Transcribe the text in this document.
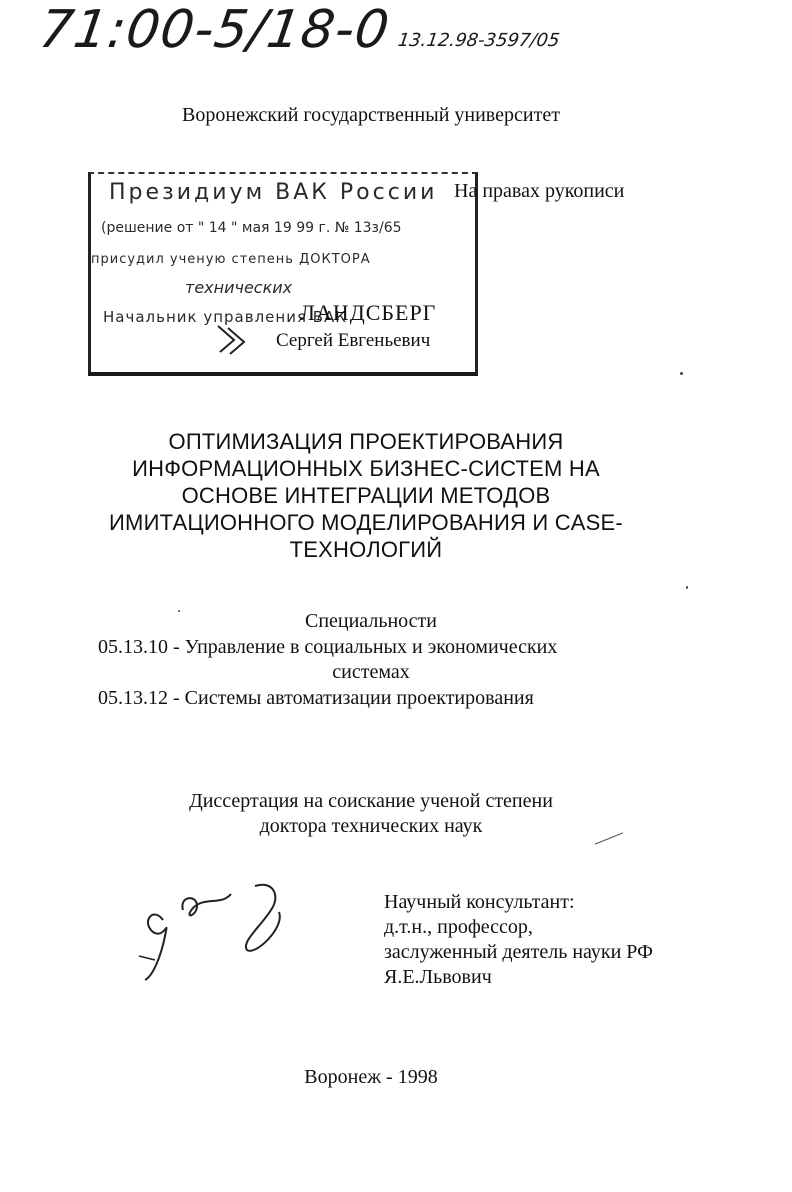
71:00-5/18-0 13.12.98-3597/05
Воронежский государственный университет
Президиум ВАК России
(решение от " 14 " мая 19 99 г. № 13з/65
присудил ученую степень ДОКТОРА
технических
Начальник управления ВАК
На правах рукописи
ЛАНДСБЕРГ
Сергей Евгеньевич
ОПТИМИЗАЦИЯ ПРОЕКТИРОВАНИЯ
ИНФОРМАЦИОННЫХ БИЗНЕС-СИСТЕМ НА
ОСНОВЕ ИНТЕГРАЦИИ МЕТОДОВ
ИМИТАЦИОННОГО МОДЕЛИРОВАНИЯ И CASE-
ТЕХНОЛОГИЙ
Специальности
05.13.10 - Управление в социальных и экономических
системах
05.13.12 - Системы автоматизации проектирования
Диссертация на соискание ученой степени
доктора технических наук
Научный консультант:
д.т.н., профессор,
заслуженный деятель науки РФ
Я.Е.Львович
Воронеж - 1998
